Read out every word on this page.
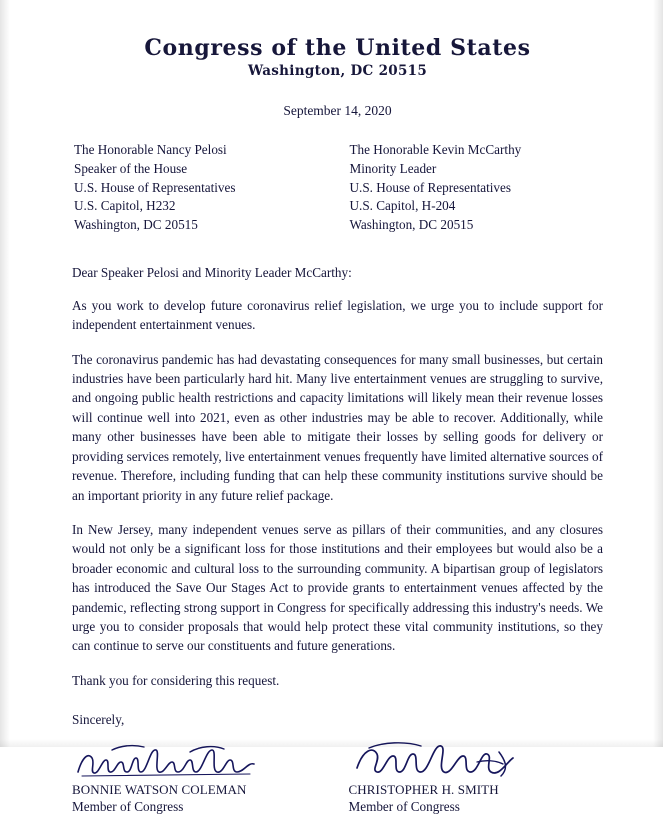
Congress of the United States
Washington, DC 20515
September 14, 2020
The Honorable Nancy Pelosi
Speaker of the House
U.S. House of Representatives
U.S. Capitol, H232
Washington, DC 20515
The Honorable Kevin McCarthy
Minority Leader
U.S. House of Representatives
U.S. Capitol, H-204
Washington, DC 20515
Dear Speaker Pelosi and Minority Leader McCarthy:
As you work to develop future coronavirus relief legislation, we urge you to include support for independent entertainment venues.
The coronavirus pandemic has had devastating consequences for many small businesses, but certain industries have been particularly hard hit. Many live entertainment venues are struggling to survive, and ongoing public health restrictions and capacity limitations will likely mean their revenue losses will continue well into 2021, even as other industries may be able to recover. Additionally, while many other businesses have been able to mitigate their losses by selling goods for delivery or providing services remotely, live entertainment venues frequently have limited alternative sources of revenue. Therefore, including funding that can help these community institutions survive should be an important priority in any future relief package.
In New Jersey, many independent venues serve as pillars of their communities, and any closures would not only be a significant loss for those institutions and their employees but would also be a broader economic and cultural loss to the surrounding community. A bipartisan group of legislators has introduced the Save Our Stages Act to provide grants to entertainment venues affected by the pandemic, reflecting strong support in Congress for specifically addressing this industry's needs. We urge you to consider proposals that would help protect these vital community institutions, so they can continue to serve our constituents and future generations.
Thank you for considering this request.
Sincerely,
BONNIE WATSON COLEMAN
Member of Congress
CHRISTOPHER H. SMITH
Member of Congress
